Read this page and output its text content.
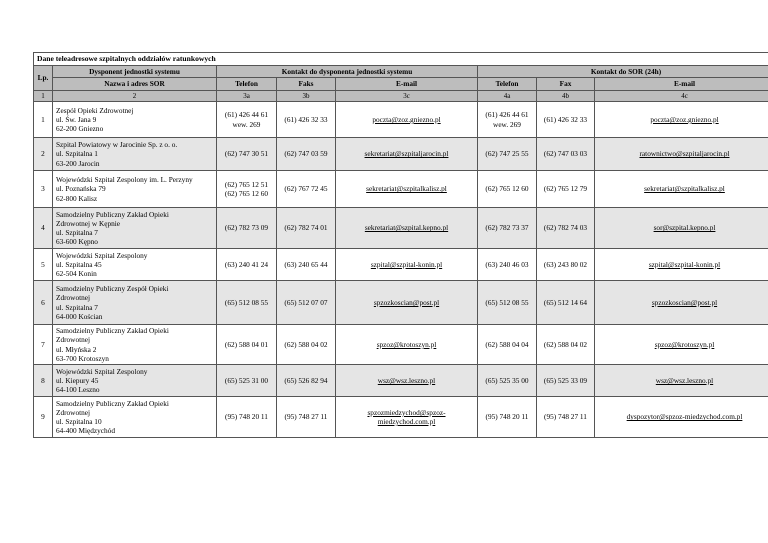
Dane teleadresowe szpitalnych oddziałów ratunkowych							
Lp.	Dysponent jednostki systemu	Kontakt do dysponenta jednostki systemu			Kontakt do SOR (24h)		
	Nazwa i adres SOR	Telefon	Faks	E-mail	Telefon	Fax	E-mail
1	2	3a	3b	3c	4a	4b	4c
1	Zespół Opieki Zdrowotnej
ul. Św. Jana 9
62-200 Gniezno	(61) 426 44 61
wew. 269	(61) 426 32 33	poczta@zoz.gniezno.pl	(61) 426 44 61
wew. 269	(61) 426 32 33	poczta@zoz.gniezno.pl
2	Szpital Powiatowy w Jarocinie Sp. z o. o.
ul. Szpitalna 1
63-200 Jarocin	(62) 747 30 51	(62) 747 03 59	sekretariat@szpitaljarocin.pl	(62) 747 25 55	(62) 747 03 03	ratownictwo@szpitaljarocin.pl
3	Wojewódzki Szpital Zespolony im. L. Perzyny
ul. Poznańska 79
62-800 Kalisz	(62) 765 12 51
(62) 765 12 60	(62) 767 72 45	sekretariat@szpitalkalisz.pl	(62) 765 12 60	(62) 765 12 79	sekretariat@szpitalkalisz.pl
4	Samodzielny Publiczny Zakład Opieki
Zdrowotnej w Kępnie
ul. Szpitalna 7
63-600 Kępno	(62) 782 73 09	(62) 782 74 01	sekretariat@szpital.kepno.pl	(62) 782 73 37	(62) 782 74 03	sor@szpital.kepno.pl
5	Wojewódzki Szpital Zespolony
ul. Szpitalna 45
62-504 Konin	(63) 240 41 24	(63) 240 65 44	szpital@szpital-konin.pl	(63) 240 46 03	(63) 243 80 02	szpital@szpital-konin.pl
6	Samodzielny Publiczny Zespół Opieki
Zdrowotnej
ul. Szpitalna 7
64-000 Kościan	(65) 512 08 55	(65) 512 07 07	spzozkoscian@post.pl	(65) 512 08 55	(65) 512 14 64	spzozkoscian@post.pl
7	Samodzielny Publiczny Zakład Opieki
Zdrowotnej
ul. Młyńska 2
63-700 Krotoszyn	(62) 588 04 01	(62) 588 04 02	spzoz@krotoszyn.pl	(62) 588 04 04	(62) 588 04 02	spzoz@krotoszyn.pl
8	Wojewódzki Szpital Zespolony
ul. Kiepury 45
64-100 Leszno	(65) 525 31 00	(65) 526 82 94	wsz@wsz.leszno.pl	(65) 525 35 00	(65) 525 33 09	wsz@wsz.leszno.pl
9	Samodzielny Publiczny Zakład Opieki
Zdrowotnej
ul. Szpitalna 10
64-400 Międzychód	(95) 748 20 11	(95) 748 27 11	spzozmiedzychod@spzoz-
miedzychod.com.pl	(95) 748 20 11	(95) 748 27 11	dyspozytor@spzoz-miedzychod.com.pl
